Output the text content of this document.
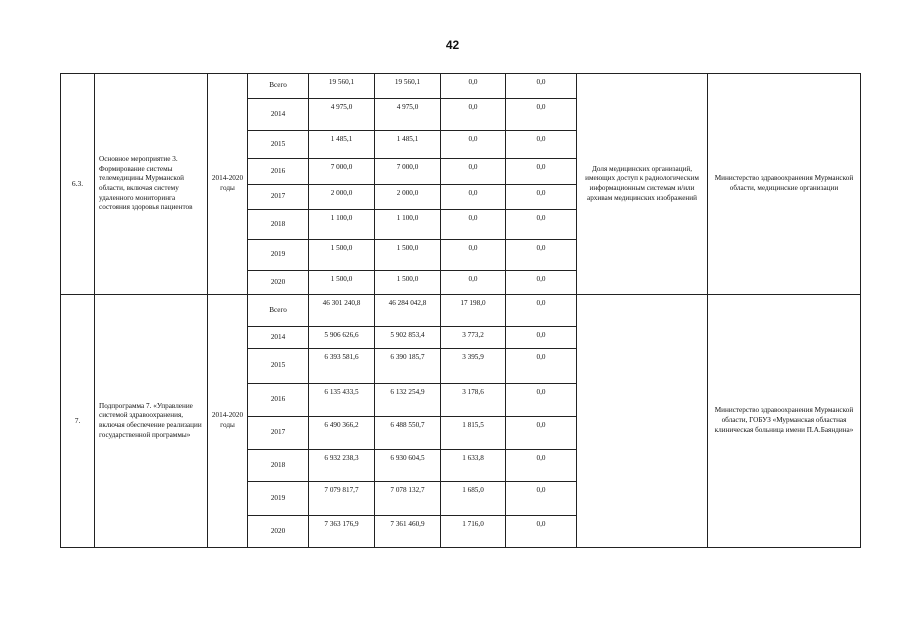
42
6.3.	Основное мероприятие 3. Формирование системы телемедицины Мурманской области, включая систему удаленного мониторинга состояния здоровья пациентов	2014-2020 годы	Всего	19 560,1	19 560,1	0,0	0,0	Доля медицинских организаций, имеющих доступ к радиологическим информационным системам и/или архивам медицинских изображений	Министерство здравоохранения Мурманской области, медицинские организации
			2014	4 975,0	4 975,0	0,0	0,0		
			2015	1 485,1	1 485,1	0,0	0,0		
			2016	7 000,0	7 000,0	0,0	0,0		
			2017	2 000,0	2 000,0	0,0	0,0		
			2018	1 100,0	1 100,0	0,0	0,0		
			2019	1 500,0	1 500,0	0,0	0,0		
			2020	1 500,0	1 500,0	0,0	0,0		
7.	Подпрограмма 7. «Управление системой здравоохранения, включая обеспечение реализации государственной программы»	2014-2020 годы	Всего	46 301 240,8	46 284 042,8	17 198,0	0,0		Министерство здравоохранения Мурманской области, ГОБУЗ «Мурманская областная клиническая больница имени П.А.Баяндина»
			2014	5 906 626,6	5 902 853,4	3 773,2	0,0		
			2015	6 393 581,6	6 390 185,7	3 395,9	0,0		
			2016	6 135 433,5	6 132 254,9	3 178,6	0,0		
			2017	6 490 366,2	6 488 550,7	1 815,5	0,0		
			2018	6 932 238,3	6 930 604,5	1 633,8	0,0		
			2019	7 079 817,7	7 078 132,7	1 685,0	0,0		
			2020	7 363 176,9	7 361 460,9	1 716,0	0,0		
